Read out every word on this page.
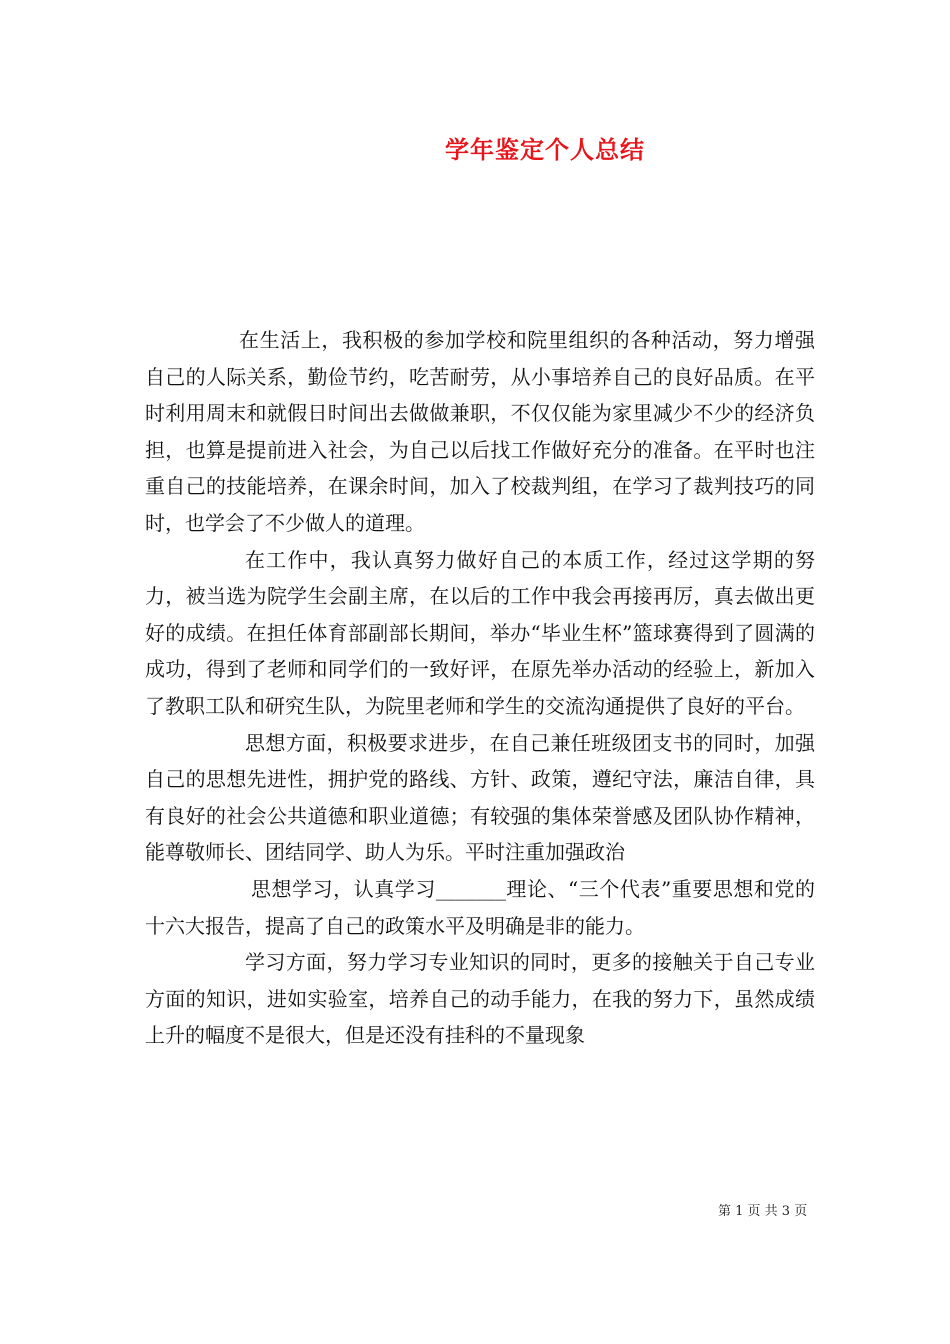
学年鉴定个人总结

在生活上，我积极的参加学校和院里组织的各种活动，努力增强自己的人际关系，勤俭节约，吃苦耐劳，从小事培养自己的良好品质。在平时利用周末和就假日时间出去做做兼职，不仅仅能为家里减少不少的经济负担，也算是提前进入社会，为自己以后找工作做好充分的准备。在平时也注重自己的技能培养，在课余时间，加入了校裁判组，在学习了裁判技巧的同时，也学会了不少做人的道理。

在工作中，我认真努力做好自己的本质工作，经过这学期的努力，被当选为院学生会副主席，在以后的工作中我会再接再厉，真去做出更好的成绩。在担任体育部副部长期间，举办“毕业生杯”篮球赛得到了圆满的成功，得到了老师和同学们的一致好评，在原先举办活动的经验上，新加入了教职工队和研究生队，为院里老师和学生的交流沟通提供了良好的平台。

思想方面，积极要求进步，在自己兼任班级团支书的同时，加强自己的思想先进性，拥护党的路线、方针、政策，遵纪守法，廉洁自律，具有良好的社会公共道德和职业道德；有较强的集体荣誉感及团队协作精神，能尊敬师长、团结同学、助人为乐。平时注重加强政治

思想学习，认真学习_______理论、“三个代表”重要思想和党的十六大报告，提高了自己的政策水平及明确是非的能力。

学习方面，努力学习专业知识的同时，更多的接触关于自己专业方面的知识，进如实验室，培养自己的动手能力，在我的努力下，虽然成绩上升的幅度不是很大，但是还没有挂科的不量现象

第 1 页 共 3 页
